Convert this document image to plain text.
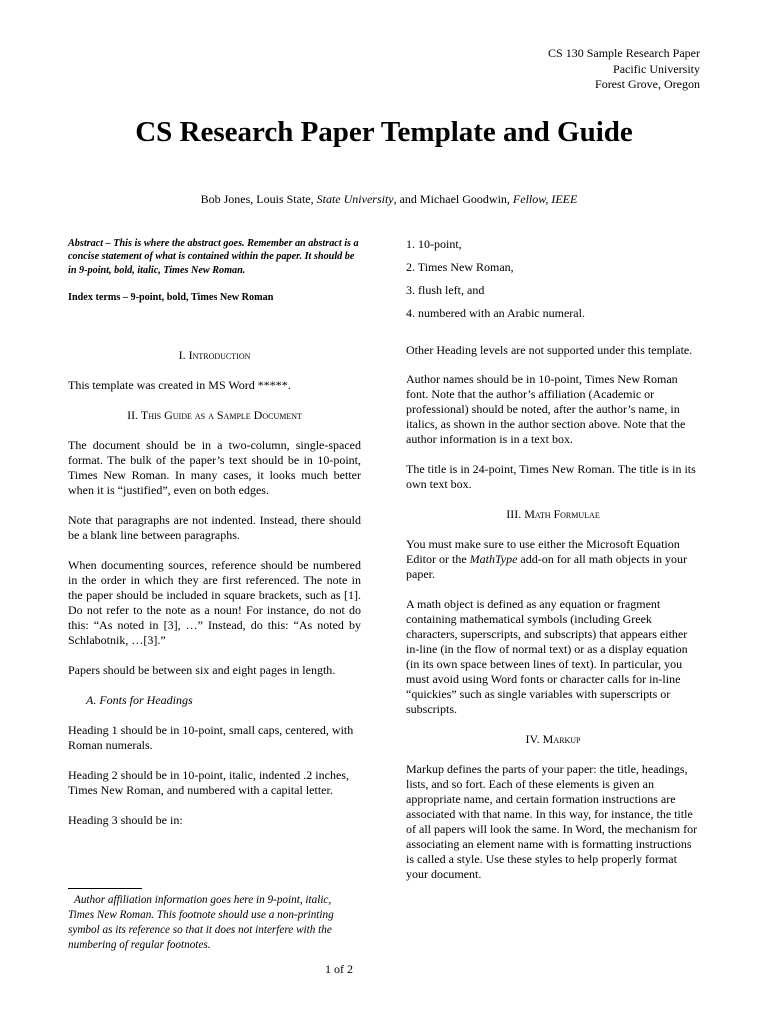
CS 130 Sample Research Paper
Pacific University
Forest Grove, Oregon
CS Research Paper Template and Guide
Bob Jones, Louis State, State University, and Michael Goodwin, Fellow, IEEE

Abstract – This is where the abstract goes. Remember an abstract is a concise statement of what is contained within the paper. It should be in 9-point, bold, italic, Times New Roman.

Index terms – 9-point, bold, Times New Roman

I. Introduction

This template was created in MS Word *****.

II. This Guide as a Sample Document

The document should be in a two-column, single-spaced format. The bulk of the paper’s text should be in 10-point, Times New Roman. In many cases, it looks much better when it is “justified”, even on both edges.

Note that paragraphs are not indented. Instead, there should be a blank line between paragraphs.

When documenting sources, reference should be numbered in the order in which they are first referenced. The note in the paper should be included in square brackets, such as [1]. Do not refer to the note as a noun! For instance, do not do this: “As noted in [3], …” Instead, do this: “As noted by Schlabotnik, …[3].”

Papers should be between six and eight pages in length.

A. Fonts for Headings

Heading 1 should be in 10-point, small caps, centered, with Roman numerals.

Heading 2 should be in 10-point, italic, indented .2 inches, Times New Roman, and numbered with a capital letter.

Heading 3 should be in:

1. 10-point,

2. Times New Roman,

3. flush left, and

4. numbered with an Arabic numeral.

Other Heading levels are not supported under this template.

Author names should be in 10-point, Times New Roman font. Note that the author’s affiliation (Academic or professional) should be noted, after the author’s name, in italics, as shown in the author section above. Note that the author information is in a text box.

The title is in 24-point, Times New Roman. The title is in its own text box.

III. Math Formulae

You must make sure to use either the Microsoft Equation Editor or the MathType add-on for all math objects in your paper.

A math object is defined as any equation or fragment containing mathematical symbols (including Greek characters, superscripts, and subscripts) that appears either in-line (in the flow of normal text) or as a display equation (in its own space between lines of text). In particular, you must avoid using Word fonts or character calls for in-line “quickies” such as single variables with superscripts or subscripts.

IV. Markup

Markup defines the parts of your paper: the title, headings, lists, and so fort. Each of these elements is given an appropriate name, and certain formation instructions are associated with that name. In this way, for instance, the title of all papers will look the same. In Word, the mechanism for associating an element name with is formatting instructions is called a style. Use these styles to help properly format your document.

Author affiliation information goes here in 9-point, italic, Times New Roman. This footnote should use a non-printing symbol as its reference so that it does not interfere with the numbering of regular footnotes.

1 of 2
